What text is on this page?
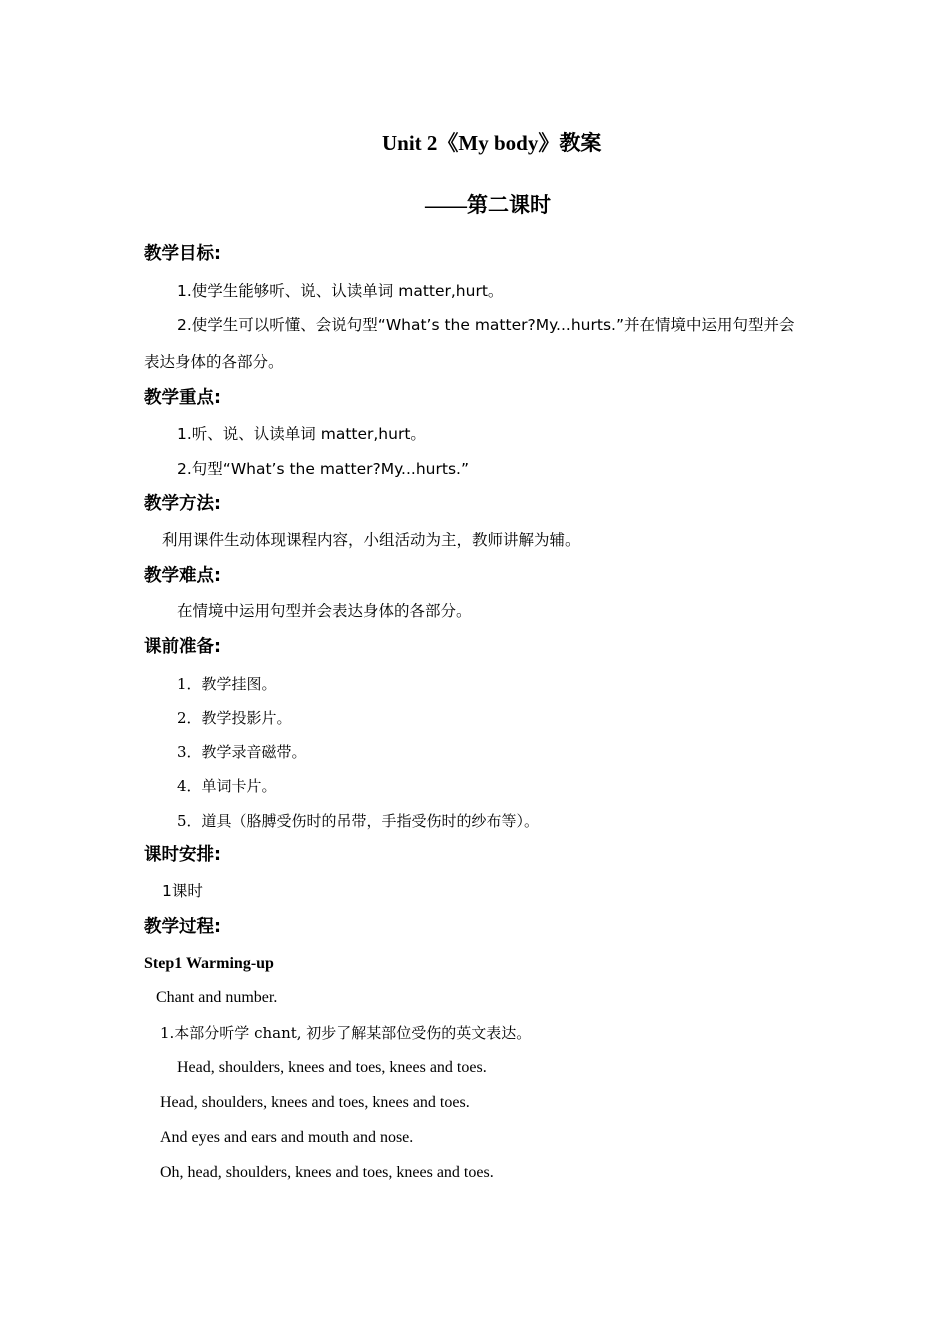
Unit 2《My body》教案
——第二课时
教学目标:
1.使学生能够听、说、认读单词 matter,hurt。
2.使学生可以听懂、会说句型“What’s the matter?My...hurts.”并在情境中运用句型并会
表达身体的各部分。
教学重点:
1.听、说、认读单词 matter,hurt。
2.句型“What’s the matter?My...hurts.”
教学方法:
利用课件生动体现课程内容，小组活动为主，教师讲解为辅。
教学难点:
在情境中运用句型并会表达身体的各部分。
课前准备:
1．教学挂图。
2．教学投影片。
3．教学录音磁带。
4．单词卡片。
5．道具（胳膊受伤时的吊带，手指受伤时的纱布等）。
课时安排:
1课时
教学过程:
Step1 Warming-up
Chant and number.
1.本部分听学 chant, 初步了解某部位受伤的英文表达。
Head, shoulders, knees and toes, knees and toes.
Head, shoulders, knees and toes, knees and toes.
And eyes and ears and mouth and nose.
Oh, head, shoulders, knees and toes, knees and toes.
